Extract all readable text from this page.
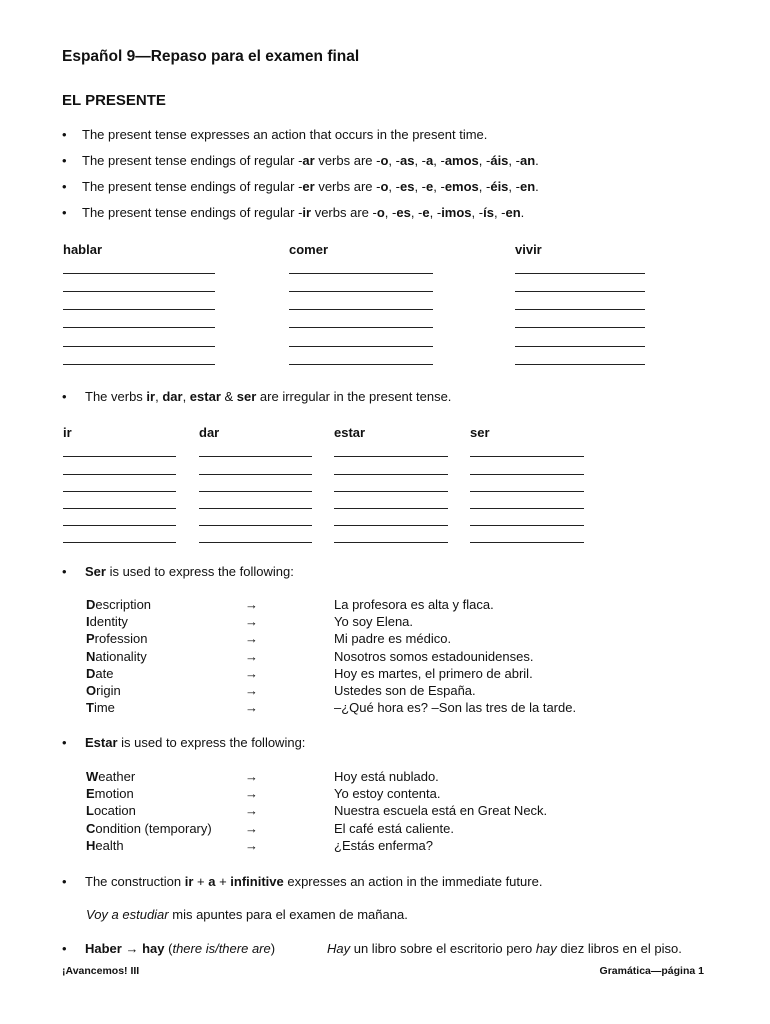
Español 9—Repaso para el examen final
EL PRESENTE
• The present tense expresses an action that occurs in the present time.
• The present tense endings of regular -ar verbs are -o, -as, -a, -amos, -áis, -an.
• The present tense endings of regular -er verbs are -o, -es, -e, -emos, -éis, -en.
• The present tense endings of regular -ir verbs are -o, -es, -e, -imos, -ís, -en.
hablar	comer	vivir
• The verbs ir, dar, estar & ser are irregular in the present tense.
ir	dar	estar	ser
• Ser is used to express the following:
Description	→	La profesora es alta y flaca.
Identity	→	Yo soy Elena.
Profession	→	Mi padre es médico.
Nationality	→	Nosotros somos estadounidenses.
Date	→	Hoy es martes, el primero de abril.
Origin	→	Ustedes son de España.
Time	→	–¿Qué hora es? –Son las tres de la tarde.
• Estar is used to express the following:
Weather	→	Hoy está nublado.
Emotion	→	Yo estoy contenta.
Location	→	Nuestra escuela está en Great Neck.
Condition (temporary)	→	El café está caliente.
Health	→	¿Estás enferma?
• The construction ir + a + infinitive expresses an action in the immediate future.
Voy a estudiar mis apuntes para el examen de mañana.
• Haber → hay (there is/there are)	Hay un libro sobre el escritorio pero hay diez libros en el piso.
¡Avancemos! III	Gramática—página 1
